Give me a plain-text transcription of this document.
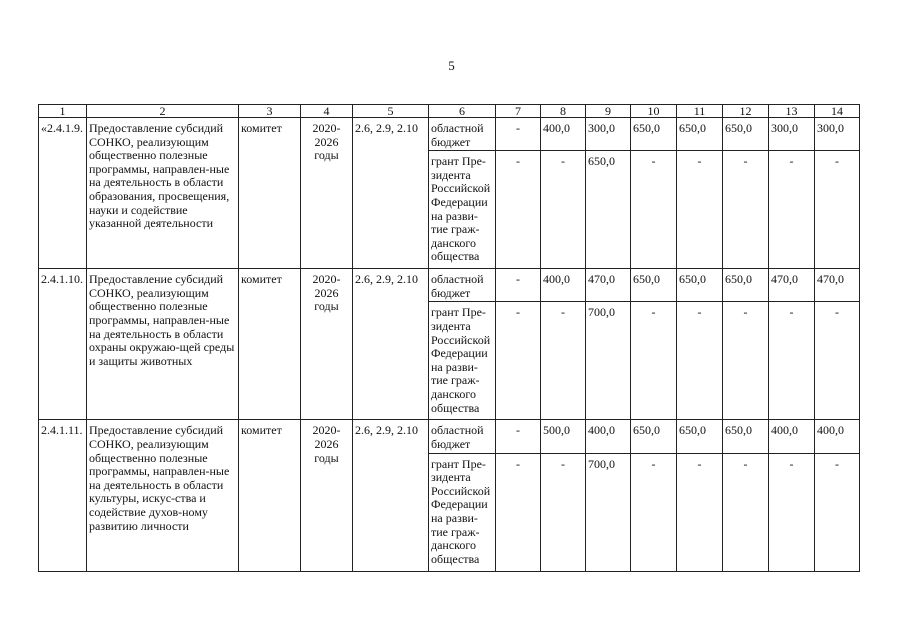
5
1	2	3	4	5	6	7	8	9	10	11	12	13	14
«2.4.1.9.	Предоставление субсидий СОНКО, реализующим общественно полезные программы, направлен-ные на деятельность в области образования, просвещения, науки и содействие указанной деятельности	комитет	2020-2026 годы	2.6, 2.9, 2.10	областной бюджет	-	400,0	300,0	650,0	650,0	650,0	300,0	300,0
					грант Пре-зидента Российской Федерации на разви-тие граж-данского общества	-	-	650,0	-	-	-	-	-
2.4.1.10.	Предоставление субсидий СОНКО, реализующим общественно полезные программы, направлен-ные на деятельность в области охраны окружаю-щей среды и защиты животных	комитет	2020-2026 годы	2.6, 2.9, 2.10	областной бюджет	-	400,0	470,0	650,0	650,0	650,0	470,0	470,0
					грант Пре-зидента Российской Федерации на разви-тие граж-данского общества	-	-	700,0	-	-	-	-	-
2.4.1.11.	Предоставление субсидий СОНКО, реализующим общественно полезные программы, направлен-ные на деятельность в области культуры, искус-ства и содействие духов-ному развитию личности	комитет	2020-2026 годы	2.6, 2.9, 2.10	областной бюджет	-	500,0	400,0	650,0	650,0	650,0	400,0	400,0
					грант Пре-зидента Российской Федерации на разви-тие граж-данского общества	-	-	700,0	-	-	-	-	-
